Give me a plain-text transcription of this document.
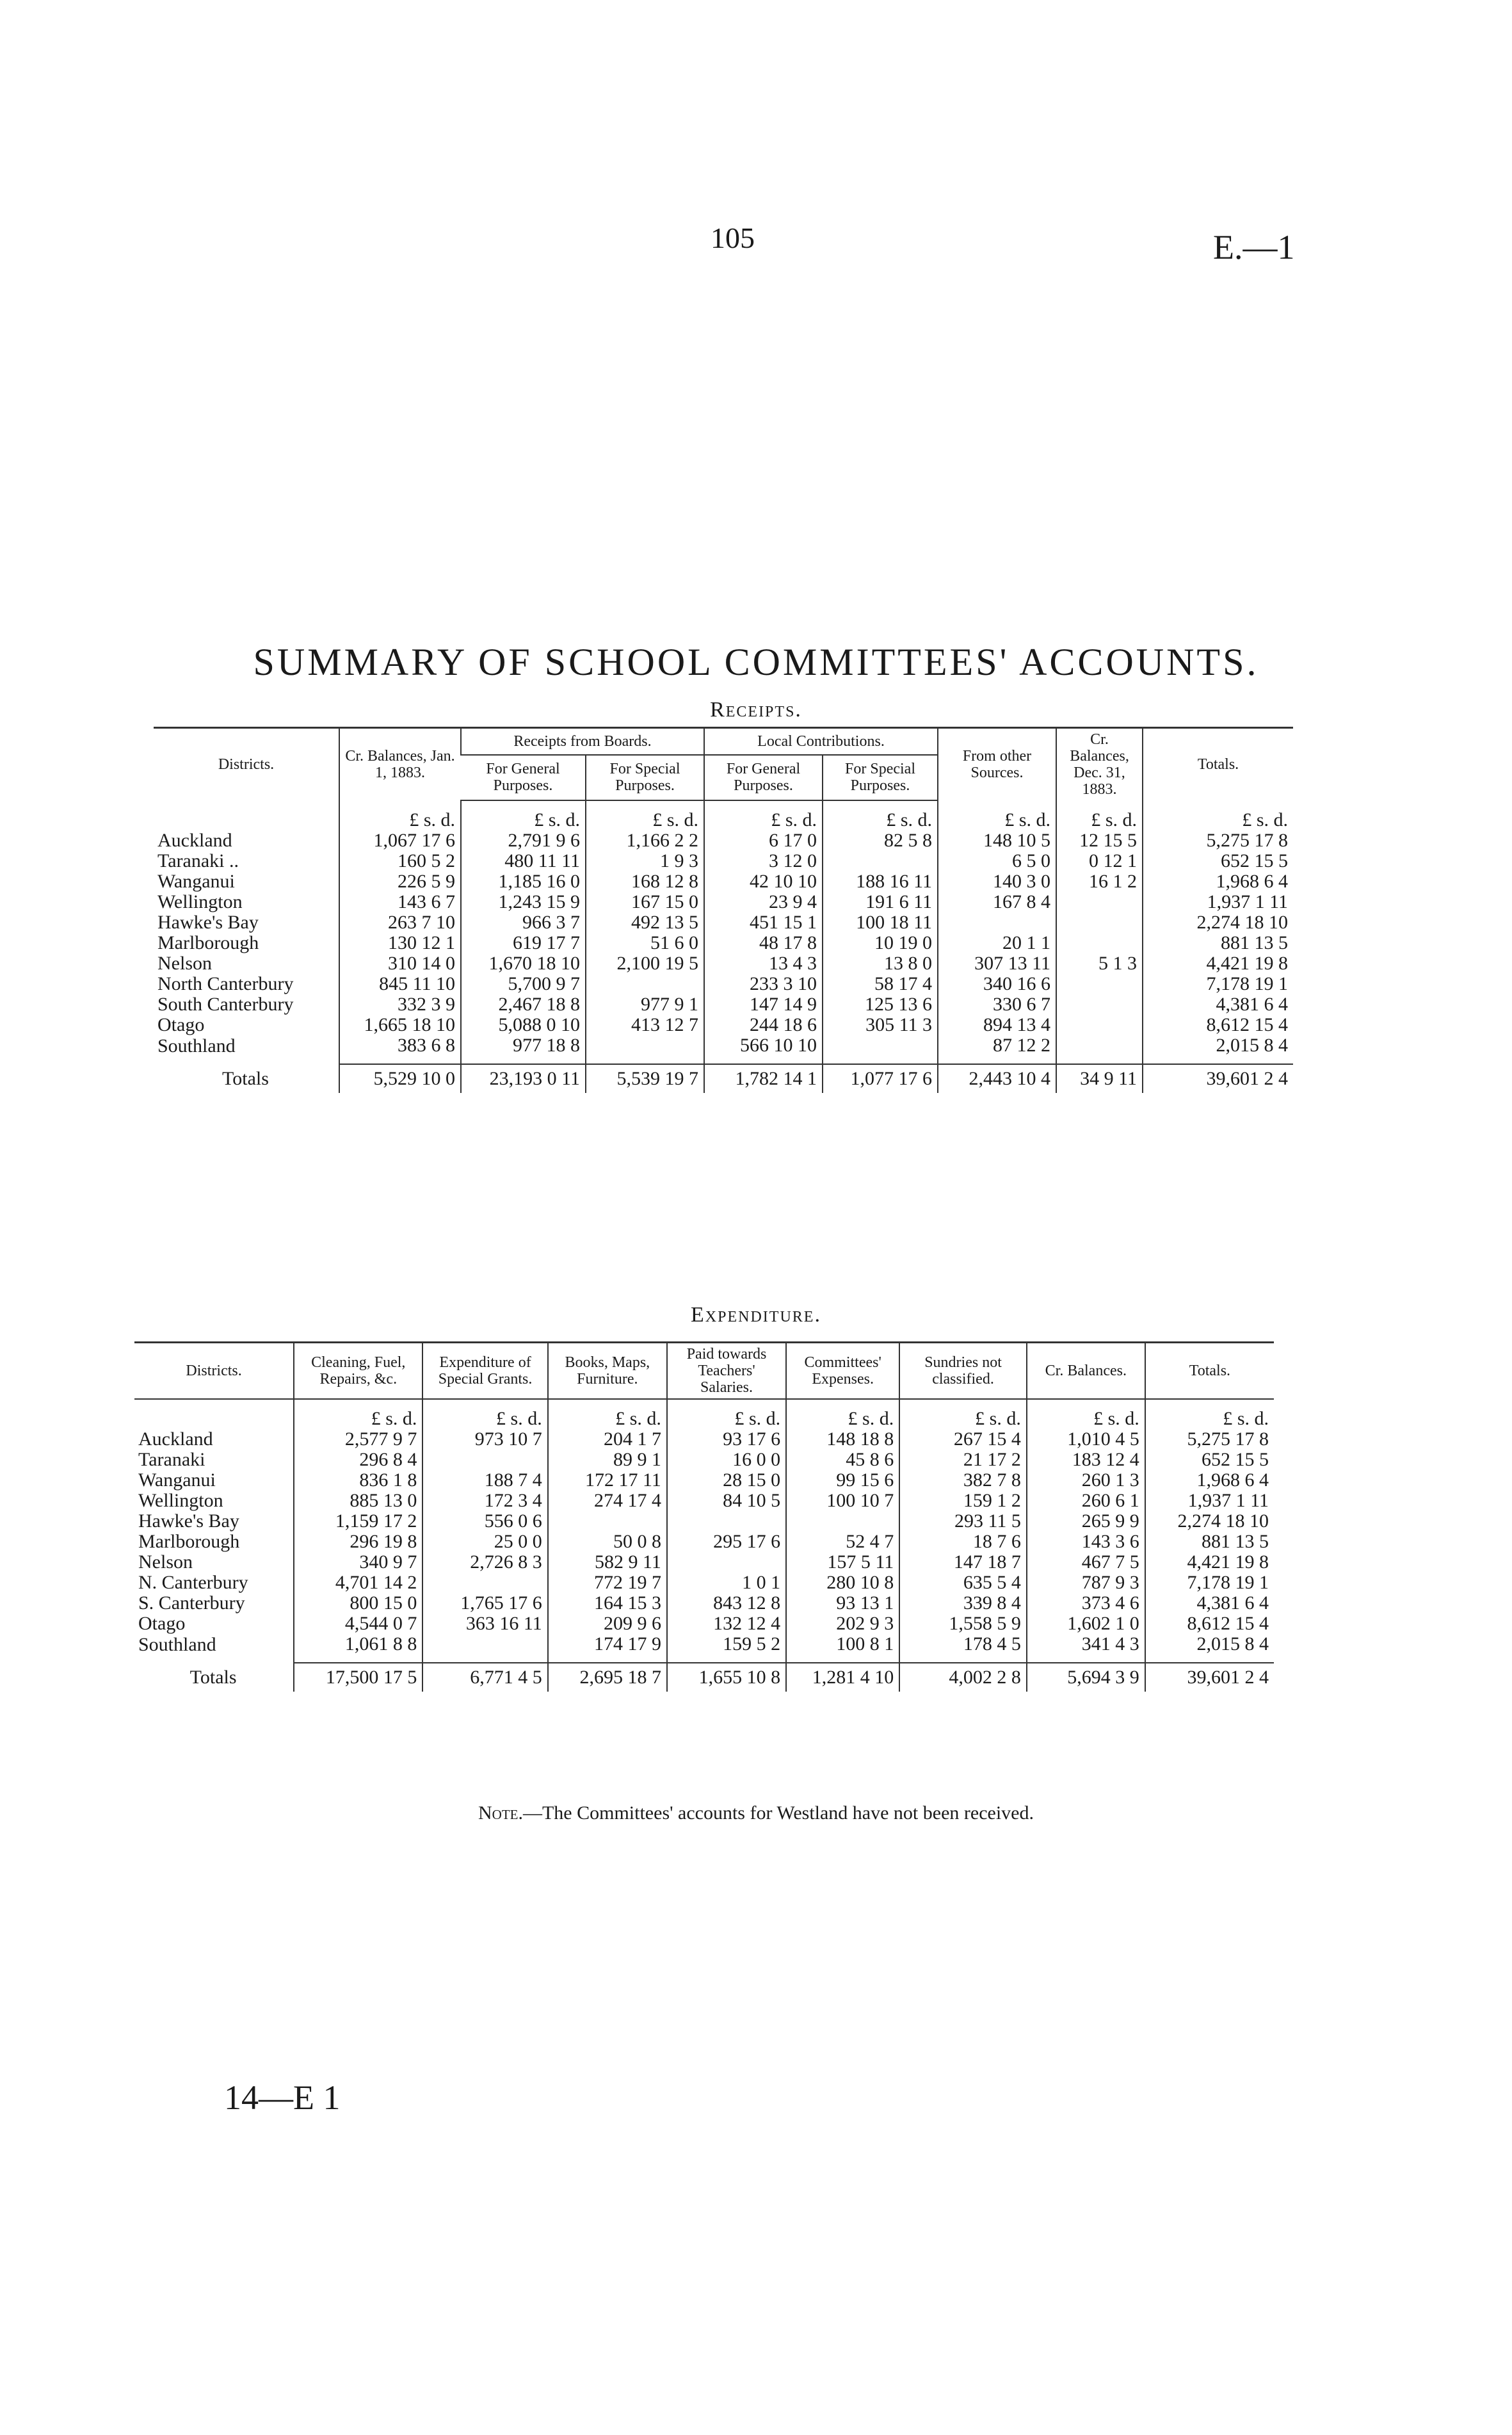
105	E.—1
SUMMARY OF SCHOOL COMMITTEES' ACCOUNTS.
Receipts.
Districts.	Cr. Balances, Jan. 1, 1883.	Receipts from Boards.		Local Contributions.		From other Sources.	Cr. Balances, Dec. 31, 1883.	Totals.
		For General Purposes.	For Special Purposes.	For General Purposes.	For Special Purposes.			
	£ s. d.	£ s. d.	£ s. d.	£ s. d.	£ s. d.	£ s. d.	£ s. d.	£ s. d.
Auckland	1,067 17 6	2,791 9 6	1,166 2 2	6 17 0	82 5 8	148 10 5	12 15 5	5,275 17 8
Taranaki ..	160 5 2	480 11 11	1 9 3	3 12 0		6 5 0	0 12 1	652 15 5
Wanganui	226 5 9	1,185 16 0	168 12 8	42 10 10	188 16 11	140 3 0	16 1 2	1,968 6 4
Wellington	143 6 7	1,243 15 9	167 15 0	23 9 4	191 6 11	167 8 4		1,937 1 11
Hawke's Bay	263 7 10	966 3 7	492 13 5	451 15 1	100 18 11			2,274 18 10
Marlborough	130 12 1	619 17 7	51 6 0	48 17 8	10 19 0	20 1 1		881 13 5
Nelson	310 14 0	1,670 18 10	2,100 19 5	13 4 3	13 8 0	307 13 11	5 1 3	4,421 19 8
North Canterbury	845 11 10	5,700 9 7		233 3 10	58 17 4	340 16 6		7,178 19 1
South Canterbury	332 3 9	2,467 18 8	977 9 1	147 14 9	125 13 6	330 6 7		4,381 6 4
Otago	1,665 18 10	5,088 0 10	413 12 7	244 18 6	305 11 3	894 13 4		8,612 15 4
Southland	383 6 8	977 18 8		566 10 10		87 12 2		2,015 8 4
Totals	5,529 10 0	23,193 0 11	5,539 19 7	1,782 14 1	1,077 17 6	2,443 10 4	34 9 11	39,601 2 4
Expenditure.
Districts.	Cleaning, Fuel, Repairs, &c.	Expenditure of Special Grants.	Books, Maps, Furniture.	Paid towards Teachers' Salaries.	Committees' Expenses.	Sundries not classified.	Cr. Balances.	Totals.
	£ s. d.	£ s. d.	£ s. d.	£ s. d.	£ s. d.	£ s. d.	£ s. d.	£ s. d.
Auckland	2,577 9 7	973 10 7	204 1 7	93 17 6	148 18 8	267 15 4	1,010 4 5	5,275 17 8
Taranaki	296 8 4		89 9 1	16 0 0	45 8 6	21 17 2	183 12 4	652 15 5
Wanganui	836 1 8	188 7 4	172 17 11	28 15 0	99 15 6	382 7 8	260 1 3	1,968 6 4
Wellington	885 13 0	172 3 4	274 17 4	84 10 5	100 10 7	159 1 2	260 6 1	1,937 1 11
Hawke's Bay	1,159 17 2	556 0 6				293 11 5	265 9 9	2,274 18 10
Marlborough	296 19 8	25 0 0	50 0 8	295 17 6	52 4 7	18 7 6	143 3 6	881 13 5
Nelson	340 9 7	2,726 8 3	582 9 11		157 5 11	147 18 7	467 7 5	4,421 19 8
N. Canterbury	4,701 14 2		772 19 7	1 0 1	280 10 8	635 5 4	787 9 3	7,178 19 1
S. Canterbury	800 15 0	1,765 17 6	164 15 3	843 12 8	93 13 1	339 8 4	373 4 6	4,381 6 4
Otago	4,544 0 7	363 16 11	209 9 6	132 12 4	202 9 3	1,558 5 9	1,602 1 0	8,612 15 4
Southland	1,061 8 8		174 17 9	159 5 2	100 8 1	178 4 5	341 4 3	2,015 8 4
Totals	17,500 17 5	6,771 4 5	2,695 18 7	1,655 10 8	1,281 4 10	4,002 2 8	5,694 3 9	39,601 2 4
Note.—The Committees' accounts for Westland have not been received.
14—E 1
